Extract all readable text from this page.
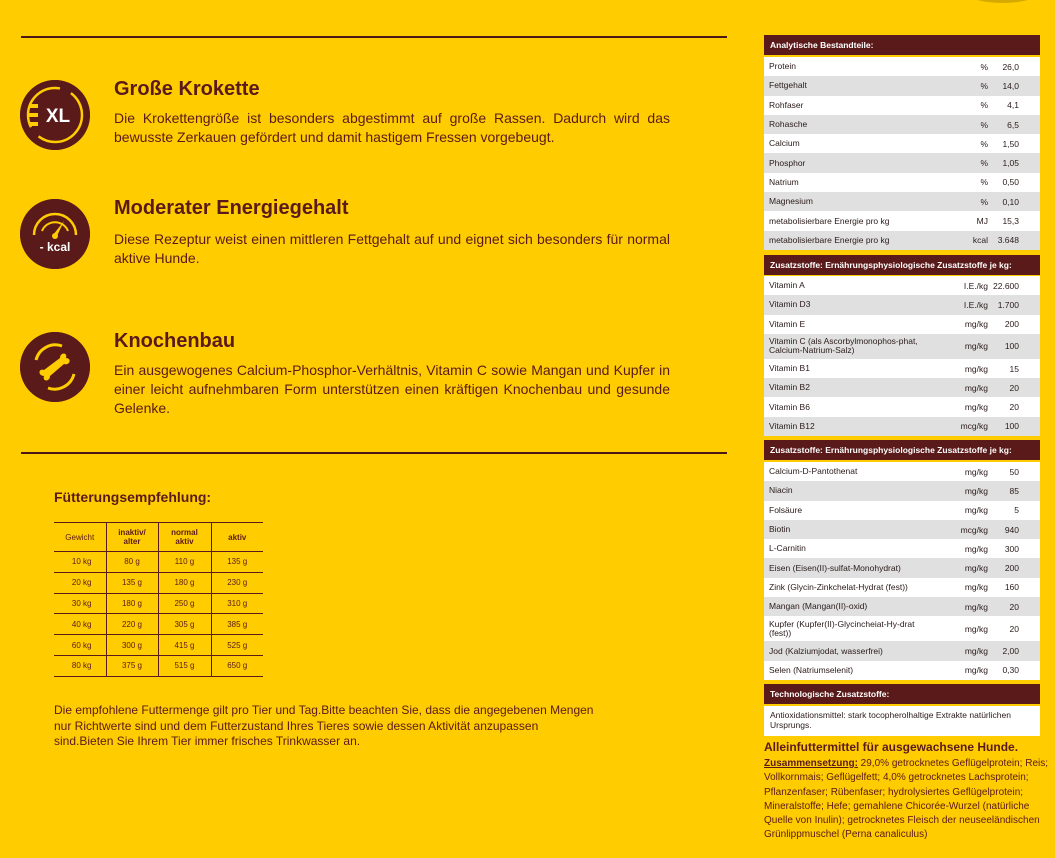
XL
Große Krokette
Die Krokettengröße ist besonders abgestimmt auf große Rassen. Dadurch wird das bewusste Zerkauen gefördert und damit hastigem Fressen vorgebeugt.
- kcal
Moderater Energiegehalt
Diese Rezeptur weist einen mittleren Fettgehalt auf und eignet sich besonders für normal aktive Hunde.
Knochenbau
Ein ausgewogenes Calcium-Phosphor-Verhältnis, Vitamin C sowie Mangan und Kupfer in einer leicht aufnehmbaren Form unterstützen einen kräftigen Knochenbau und gesunde Gelenke.
Fütterungsempfehlung:
Gewicht	inaktiv/ alter	normal aktiv	aktiv
10 kg	80 g	110 g	135 g
20 kg	135 g	180 g	230 g
30 kg	180 g	250 g	310 g
40 kg	220 g	305 g	385 g
60 kg	300 g	415 g	525 g
80 kg	375 g	515 g	650 g
Die empfohlene Futtermenge gilt pro Tier und Tag.Bitte beachten Sie, dass die angegebenen Mengen nur Richtwerte sind und dem Futterzustand Ihres Tieres sowie dessen Aktivität anzupassen sind.Bieten Sie Ihrem Tier immer frisches Trinkwasser an.
Analytische Bestandteile:
Protein	%	26,0
Fettgehalt	%	14,0
Rohfaser	%	4,1
Rohasche	%	6,5
Calcium	%	1,50
Phosphor	%	1,05
Natrium	%	0,50
Magnesium	%	0,10
metabolisierbare Energie pro kg	MJ	15,3
metabolisierbare Energie pro kg	kcal	3.648
Zusatzstoffe: Ernährungsphysiologische Zusatzstoffe je kg:
Vitamin A	I.E./kg 22.600
Vitamin D3	I.E./kg	1.700
Vitamin E	mg/kg	200
Vitamin C (als Ascorbylmonophos-phat, Calcium-Natrium-Salz)	mg/kg	100
Vitamin B1	mg/kg	15
Vitamin B2	mg/kg	20
Vitamin B6	mg/kg	20
Vitamin B12	mcg/kg	100
Zusatzstoffe: Ernährungsphysiologische Zusatzstoffe je kg:
Calcium-D-Pantothenat	mg/kg	50
Niacin	mg/kg	85
Folsäure	mg/kg	5
Biotin	mcg/kg	940
L-Carnitin	mg/kg	300
Eisen (Eisen(II)-sulfat-Monohydrat)	mg/kg	200
Zink (Glycin-Zinkchelat-Hydrat (fest))	mg/kg	160
Mangan (Mangan(II)-oxid)	mg/kg	20
Kupfer (Kupfer(II)-Glycincheiat-Hy-drat (fest))	mg/kg	20
Jod (Kalziumjodat, wasserfrei)	mg/kg	2,00
Selen (Natriumselenit)	mg/kg	0,30
Technologische Zusatzstoffe:
Antioxidationsmittel: stark tocopherolhaltige Extrakte natürlichen Ursprungs.
Alleinfuttermittel für ausgewachsene Hunde.
Zusammensetzung: 29,0% getrocknetes Geflügelprotein; Reis; Vollkornmais; Geflügelfett; 4,0% getrocknetes Lachsprotein; Pflanzenfaser; Rübenfaser; hydrolysiertes Geflügelprotein; Mineralstoffe; Hefe; gemahlene Chicorée-Wurzel (natürliche Quelle von Inulin); getrocknetes Fleisch der neuseeländischen Grünlippmuschel (Perna canaliculus)
